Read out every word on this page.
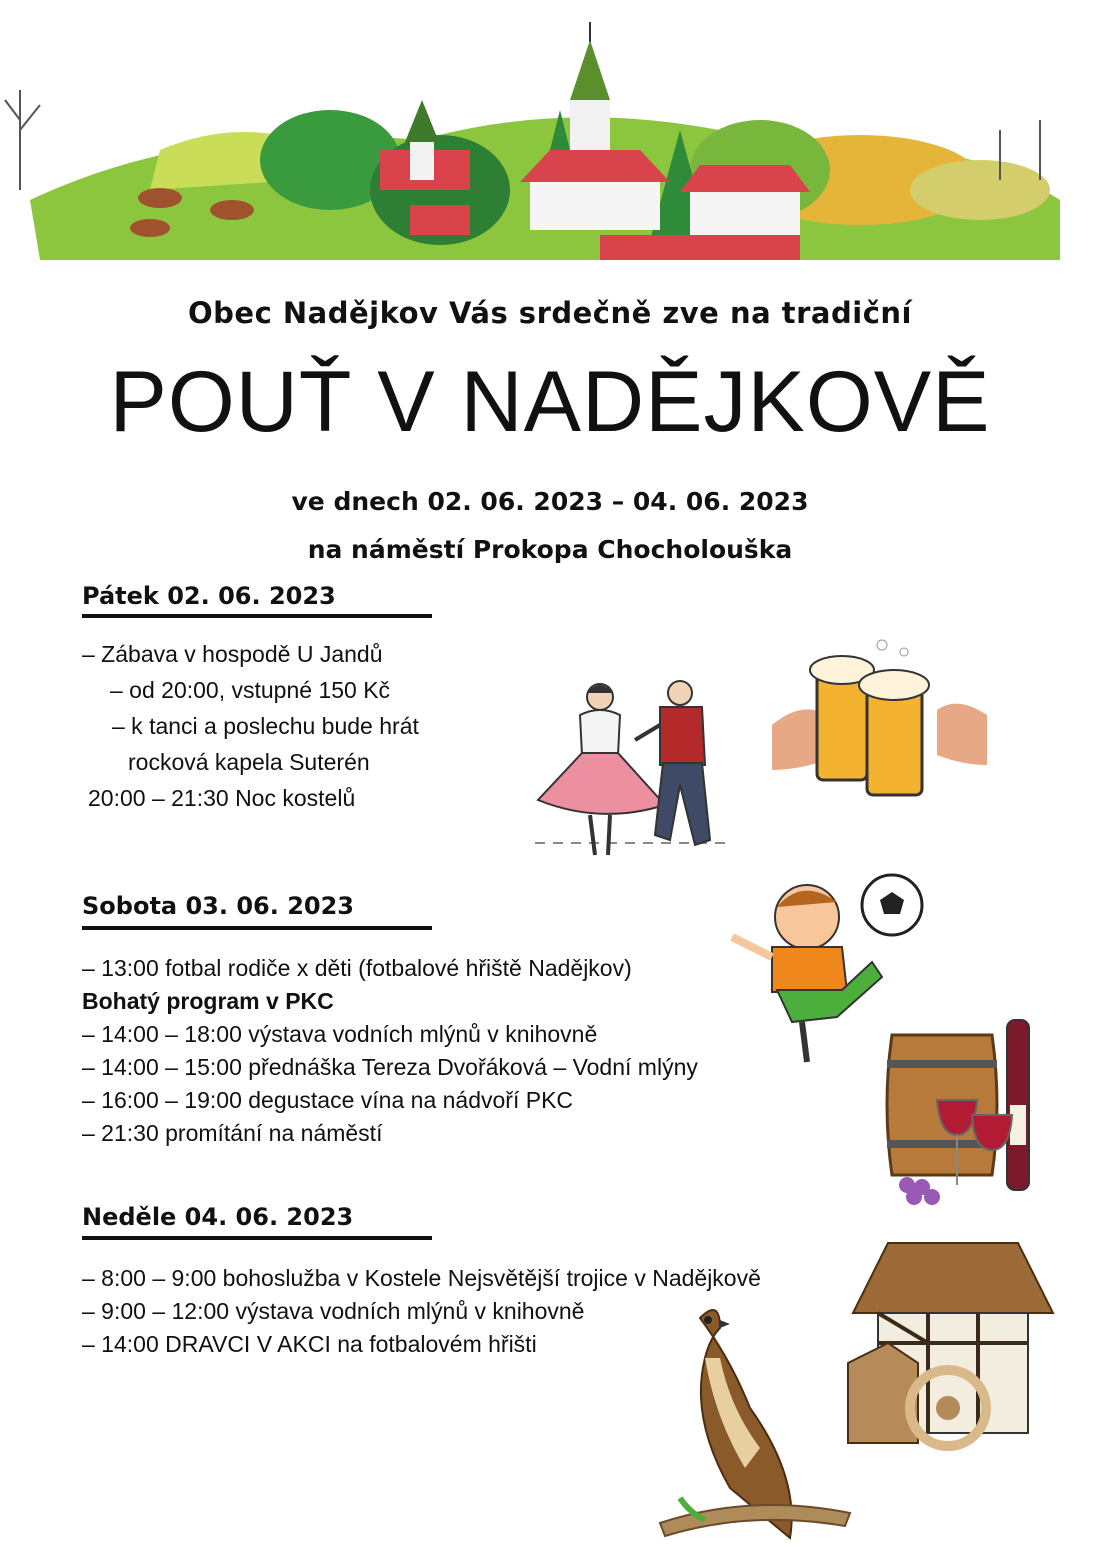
Obec Nadějkov Vás srdečně zve na tradiční
POUŤ V NADĚJKOVĚ
ve dnech 02. 06. 2023 – 04. 06. 2023
na náměstí Prokopa Chocholouška
Pátek 02. 06. 2023
– Zábava v hospodě U Jandů
– od 20:00, vstupné 150 Kč
– k tanci a poslechu bude hrát
rocková kapela Suterén
20:00 – 21:30 Noc kostelů
Sobota 03. 06. 2023
– 13:00 fotbal rodiče x děti (fotbalové hřiště Nadějkov)
Bohatý program v PKC
– 14:00 – 18:00 výstava vodních mlýnů v knihovně
– 14:00 – 15:00 přednáška Tereza Dvořáková – Vodní mlýny
– 16:00 – 19:00 degustace vína na nádvoří PKC
– 21:30 promítání na náměstí
Neděle 04. 06. 2023
– 8:00 – 9:00 bohoslužba v Kostele Nejsvětější trojice v Nadějkově
– 9:00 – 12:00 výstava vodních mlýnů v knihovně
– 14:00 DRAVCI V AKCI na fotbalovém hřišti
